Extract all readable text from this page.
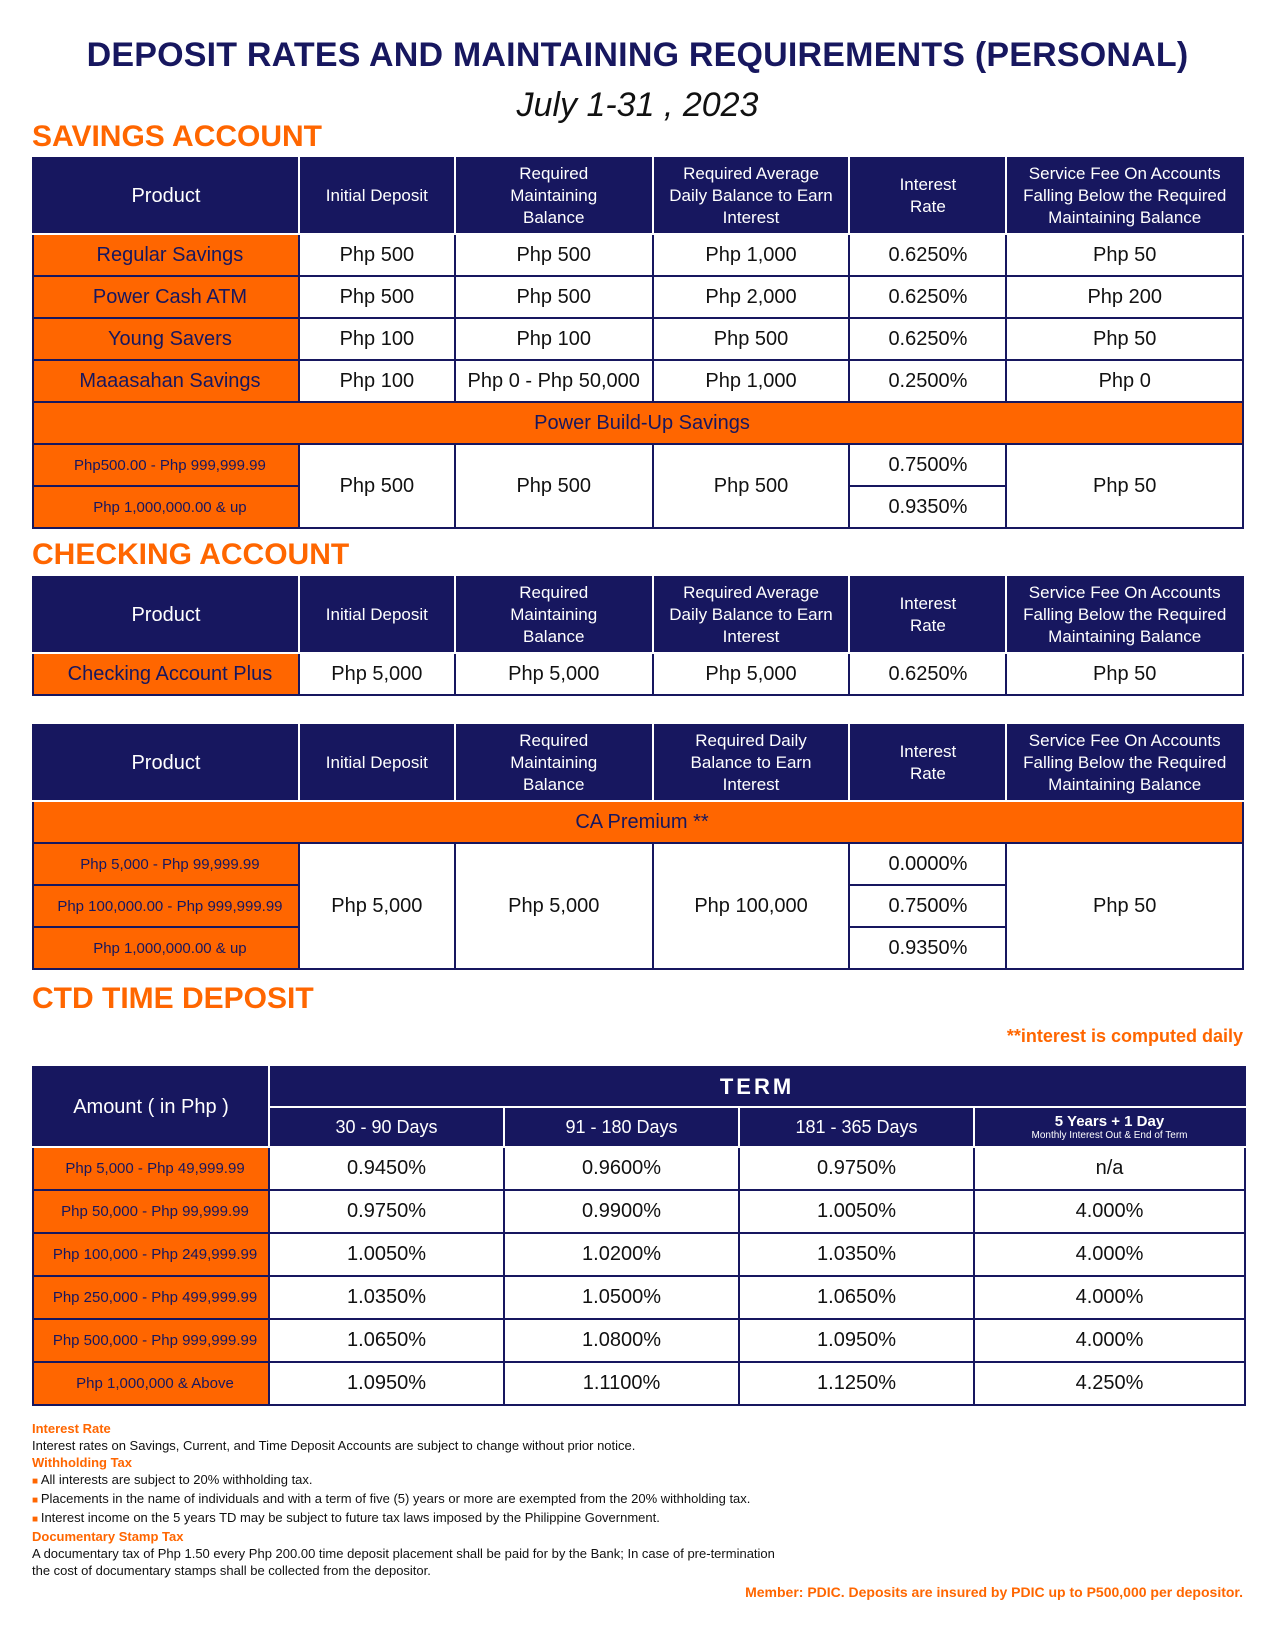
DEPOSIT RATES AND MAINTAINING REQUIREMENTS (PERSONAL)
July 1-31 , 2023
SAVINGS ACCOUNT
Product	Initial Deposit	Required Maintaining Balance	Required Average Daily Balance to Earn Interest	Interest Rate	Service Fee On Accounts Falling Below the Required Maintaining Balance
Regular Savings	Php 500	Php 500	Php 1,000	0.6250%	Php 50
Power Cash ATM	Php 500	Php 500	Php 2,000	0.6250%	Php 200
Young Savers	Php 100	Php 100	Php 500	0.6250%	Php 50
Maaasahan Savings	Php 100	Php 0 - Php 50,000	Php 1,000	0.2500%	Php 0
Power Build-Up Savings					
Php500.00 - Php 999,999.99	Php 500	Php 500	Php 500	0.7500%	Php 50
Php 1,000,000.00 & up				0.9350%	
CHECKING ACCOUNT
Product	Initial Deposit	Required Maintaining Balance	Required Average Daily Balance to Earn Interest	Interest Rate	Service Fee On Accounts Falling Below the Required Maintaining Balance
Checking Account Plus	Php 5,000	Php 5,000	Php 5,000	0.6250%	Php 50
Product	Initial Deposit	Required Maintaining Balance	Required Daily Balance to Earn Interest	Interest Rate	Service Fee On Accounts Falling Below the Required Maintaining Balance
CA Premium **					
Php 5,000 - Php 99,999.99	Php 5,000	Php 5,000	Php 100,000	0.0000%	Php 50
Php 100,000.00 - Php 999,999.99				0.7500%	
Php 1,000,000.00 & up				0.9350%	
CTD TIME DEPOSIT
**interest is computed daily
Amount ( in Php )	TERM			
	30 - 90 Days	91 - 180 Days	181 - 365 Days	5 Years + 1 Day
Monthly Interest Out & End of Term

Php 5,000 - Php 49,999.99	0.9450%	0.9600%	0.9750%	n/a
Php 50,000 - Php 99,999.99	0.9750%	0.9900%	1.0050%	4.000%
Php 100,000 - Php 249,999.99	1.0050%	1.0200%	1.0350%	4.000%
Php 250,000 - Php 499,999.99	1.0350%	1.0500%	1.0650%	4.000%
Php 500,000 - Php 999,999.99	1.0650%	1.0800%	1.0950%	4.000%
Php 1,000,000 & Above	1.0950%	1.1100%	1.1250%	4.250%
Interest Rate
Interest rates on Savings, Current, and Time Deposit Accounts are subject to change without prior notice.
Withholding Tax
■ All interests are subject to 20% withholding tax.
■ Placements in the name of individuals and with a term of five (5) years or more are exempted from the 20% withholding tax.
■ Interest income on the 5 years TD may be subject to future tax laws imposed by the Philippine Government.
Documentary Stamp Tax
A documentary tax of Php 1.50 every Php 200.00 time deposit placement shall be paid for by the Bank; In case of pre-termination
the cost of documentary stamps shall be collected from the depositor.
Member: PDIC. Deposits are insured by PDIC up to P500,000 per depositor.
